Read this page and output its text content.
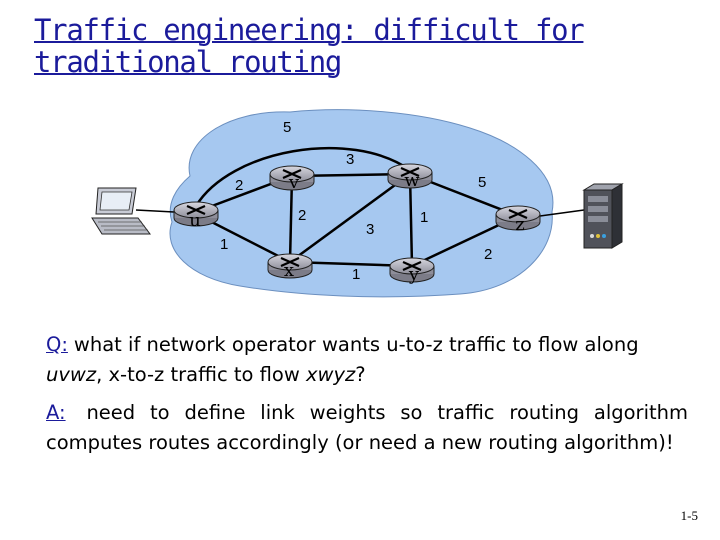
Traffic engineering: difficult for traditional routing
u
v	w
x	y
z
2
5
1
3
2
3
1
1
5
2
Q: what if network operator wants u-to-z traffic to flow along uvwz, x-to-z traffic to flow xwyz?
A: need to define link weights so traffic routing algorithm computes routes accordingly (or need a new routing algorithm)!
1-5
